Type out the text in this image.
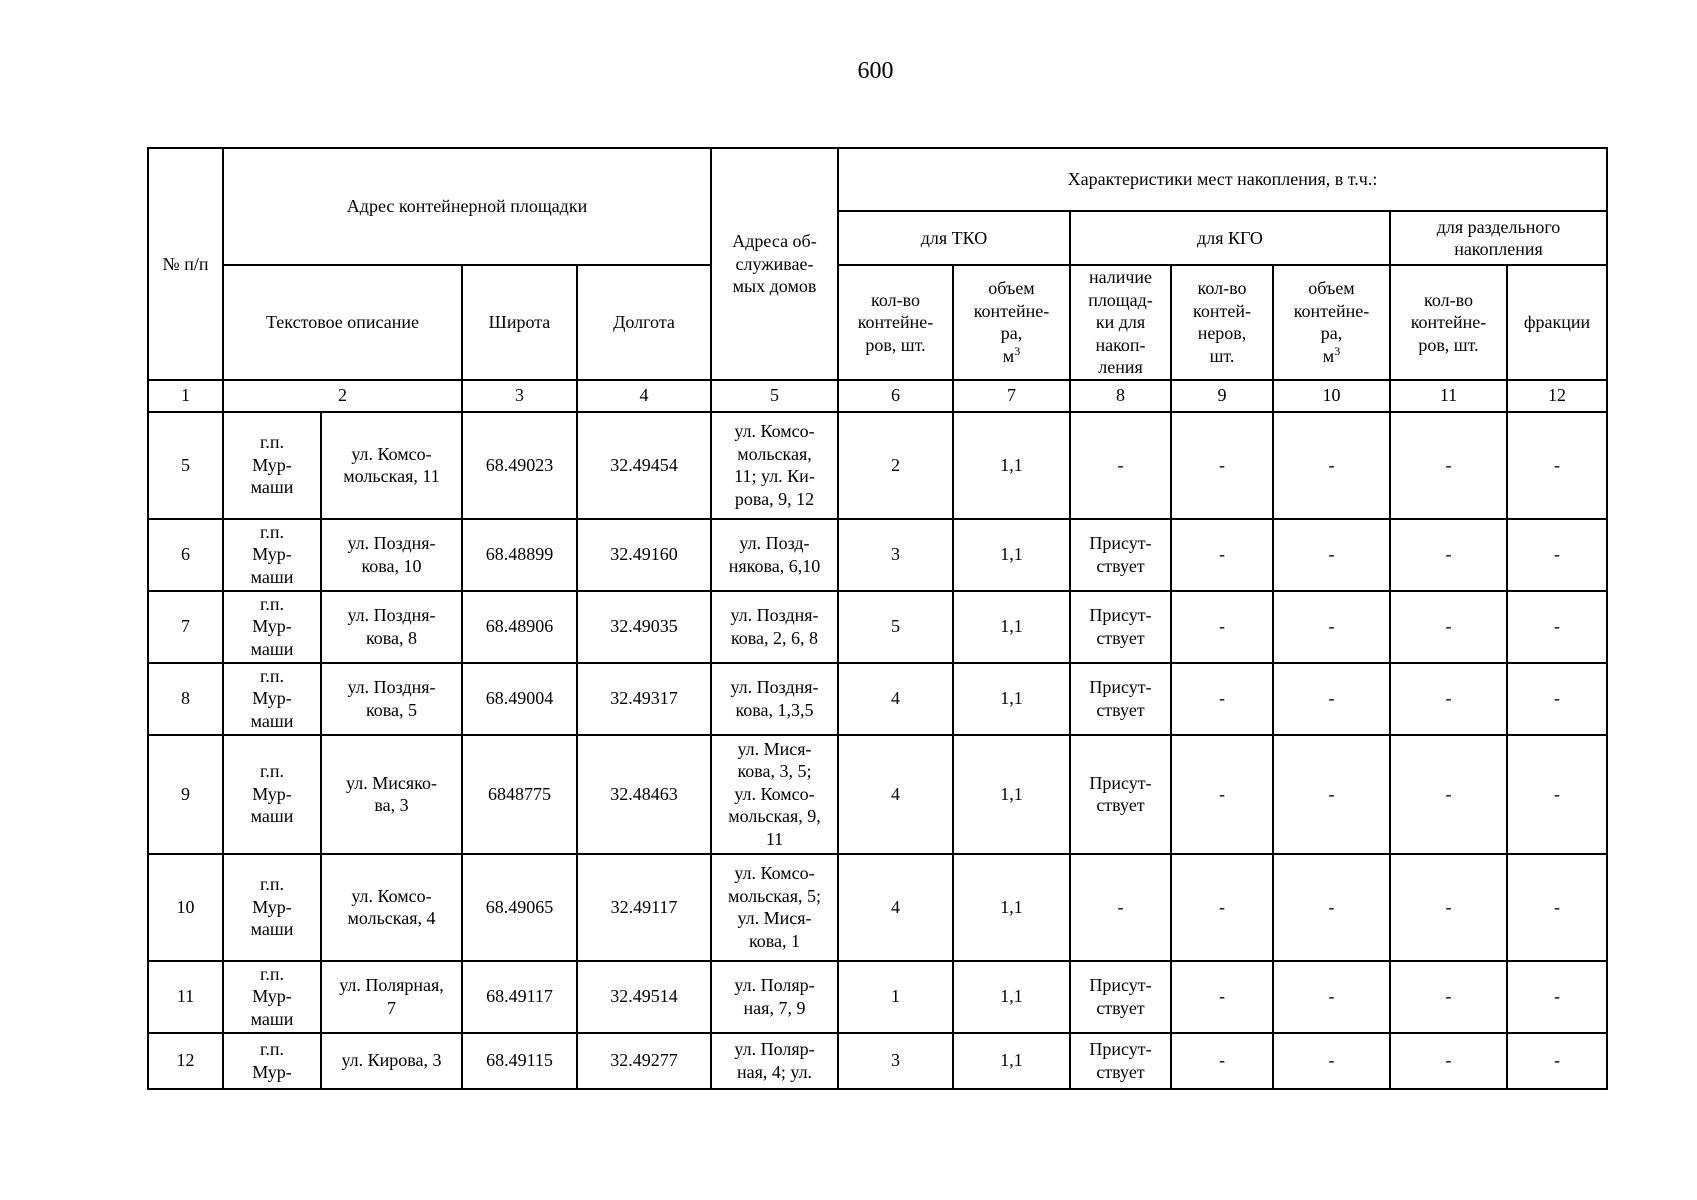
600
№ п/п	Адрес контейнерной площадки				Адреса об-
служивае-
мых домов	Характеристики мест накопления, в т.ч.:						
						для ТКО		для КГО			для раздельного
накопления	
	Текстовое описание		Широта	Долгота		кол-во
контейне-
ров, шт.	объем
контейне-
ра,
$м^3$	наличие
площад-
ки для
накоп-
ления	кол-во
контей-
неров,
шт.	объем
контейне-
ра,
$м^3$	кол-во
контейне-
ров, шт.	фракции
1	2		3	4	5	6	7	8	9	10	11	12
5	г.п.
Мур-
маши	ул. Комсо-
мольская, 11	68.49023	32.49454	ул. Комсо-
мольская,
11; ул. Ки-
рова, 9, 12	2	1,1	-	-	-	-	-
6	г.п.
Мур-
маши	ул. Поздня-
кова, 10	68.48899	32.49160	ул. Позд-
някова, 6,10	3	1,1	Присут-
ствует	-	-	-	-
7	г.п.
Мур-
маши	ул. Поздня-
кова, 8	68.48906	32.49035	ул. Поздня-
кова, 2, 6, 8	5	1,1	Присут-
ствует	-	-	-	-
8	г.п.
Мур-
маши	ул. Поздня-
кова, 5	68.49004	32.49317	ул. Поздня-
кова, 1,3,5	4	1,1	Присут-
ствует	-	-	-	-
9	г.п.
Мур-
маши	ул. Мисяко-
ва, 3	6848775	32.48463	ул. Мися-
кова, 3, 5;
ул. Комсо-
мольская, 9,
11	4	1,1	Присут-
ствует	-	-	-	-
10	г.п.
Мур-
маши	ул. Комсо-
мольская, 4	68.49065	32.49117	ул. Комсо-
мольская, 5;
ул. Мися-
кова, 1	4	1,1	-	-	-	-	-
11	г.п.
Мур-
маши	ул. Полярная,
7	68.49117	32.49514	ул. Поляр-
ная, 7, 9	1	1,1	Присут-
ствует	-	-	-	-
12	г.п.
Мур-	ул. Кирова, 3	68.49115	32.49277	ул. Поляр-
ная, 4; ул.	3	1,1	Присут-
ствует	-	-	-	-
